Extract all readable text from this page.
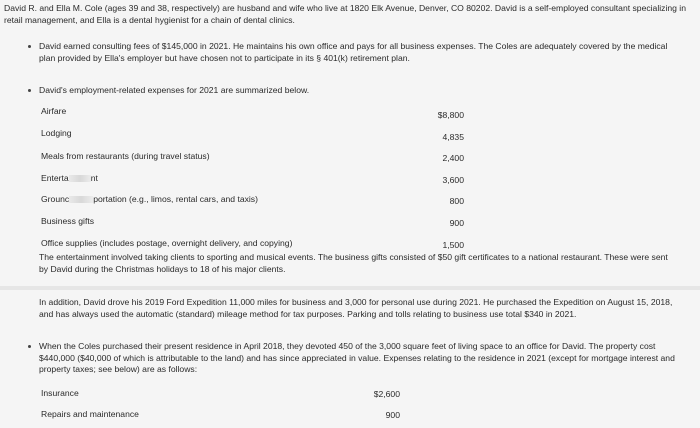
David R. and Ella M. Cole (ages 39 and 38, respectively) are husband and wife who live at 1820 Elk Avenue, Denver, CO 80202. David is a self-employed consultant specializing in retail management, and Ella is a dental hygienist for a chain of dental clinics.
David earned consulting fees of $145,000 in 2021. He maintains his own office and pays for all business expenses. The Coles are adequately covered by the medical plan provided by Ella's employer but have chosen not to participate in its § 401(k) retirement plan.
David's employment-related expenses for 2021 are summarized below.
Airfare	$8,800
Lodging	4,835
Meals from restaurants (during travel status)	2,400
Enterta	nt	3,600
Grounc	portation (e.g., limos, rental cars, and taxis)	800
Business gifts	900
Office supplies (includes postage, overnight delivery, and copying)	1,500
The entertainment involved taking clients to sporting and musical events. The business gifts consisted of $50 gift certificates to a national restaurant. These were sent by David during the Christmas holidays to 18 of his major clients.
In addition, David drove his 2019 Ford Expedition 11,000 miles for business and 3,000 for personal use during 2021. He purchased the Expedition on August 15, 2018, and has always used the automatic (standard) mileage method for tax purposes. Parking and tolls relating to business use total $340 in 2021.
When the Coles purchased their present residence in April 2018, they devoted 450 of the 3,000 square feet of living space to an office for David. The property cost $440,000 ($40,000 of which is attributable to the land) and has since appreciated in value. Expenses relating to the residence in 2021 (except for mortgage interest and property taxes; see below) are as follows:
Insurance	$2,600
Repairs and maintenance	900
